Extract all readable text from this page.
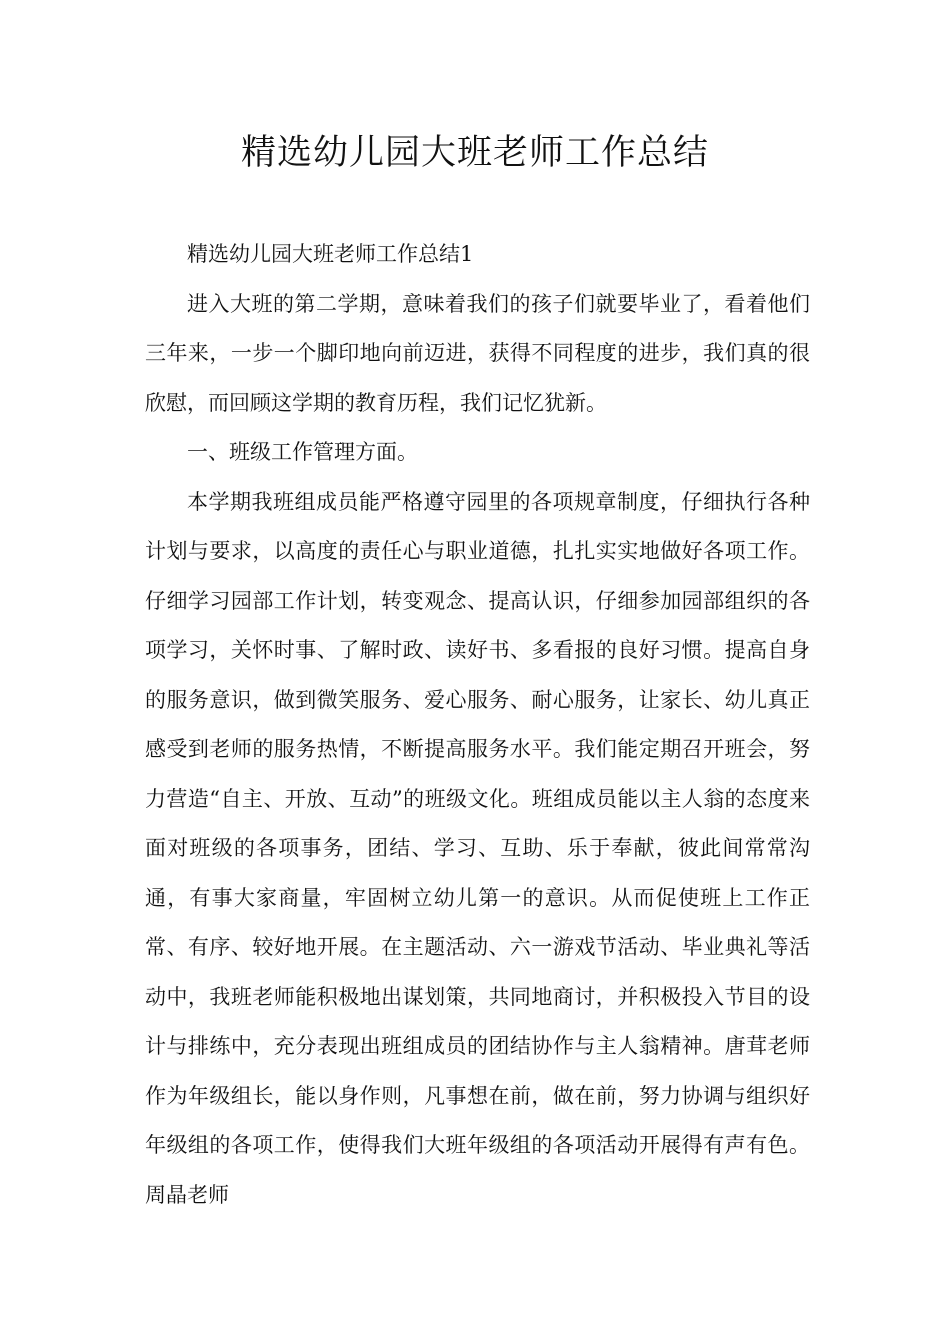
精选幼儿园大班老师工作总结

精选幼儿园大班老师工作总结1

进入大班的第二学期，意味着我们的孩子们就要毕业了，看着他们三年来，一步一个脚印地向前迈进，获得不同程度的进步，我们真的很欣慰，而回顾这学期的教育历程，我们记忆犹新。

一、班级工作管理方面。

本学期我班组成员能严格遵守园里的各项规章制度，仔细执行各种计划与要求，以高度的责任心与职业道德，扎扎实实地做好各项工作。仔细学习园部工作计划，转变观念、提高认识，仔细参加园部组织的各项学习，关怀时事、了解时政、读好书、多看报的良好习惯。提高自身的服务意识，做到微笑服务、爱心服务、耐心服务，让家长、幼儿真正感受到老师的服务热情，不断提高服务水平。我们能定期召开班会，努力营造“自主、开放、互动”的班级文化。班组成员能以主人翁的态度来面对班级的各项事务，团结、学习、互助、乐于奉献，彼此间常常沟通，有事大家商量，牢固树立幼儿第一的意识。从而促使班上工作正常、有序、较好地开展。在主题活动、六一游戏节活动、毕业典礼等活动中，我班老师能积极地出谋划策，共同地商讨，并积极投入节目的设计与排练中，充分表现出班组成员的团结协作与主人翁精神。唐茸老师作为年级组长，能以身作则，凡事想在前，做在前，努力协调与组织好年级组的各项工作，使得我们大班年级组的各项活动开展得有声有色。周晶老师
